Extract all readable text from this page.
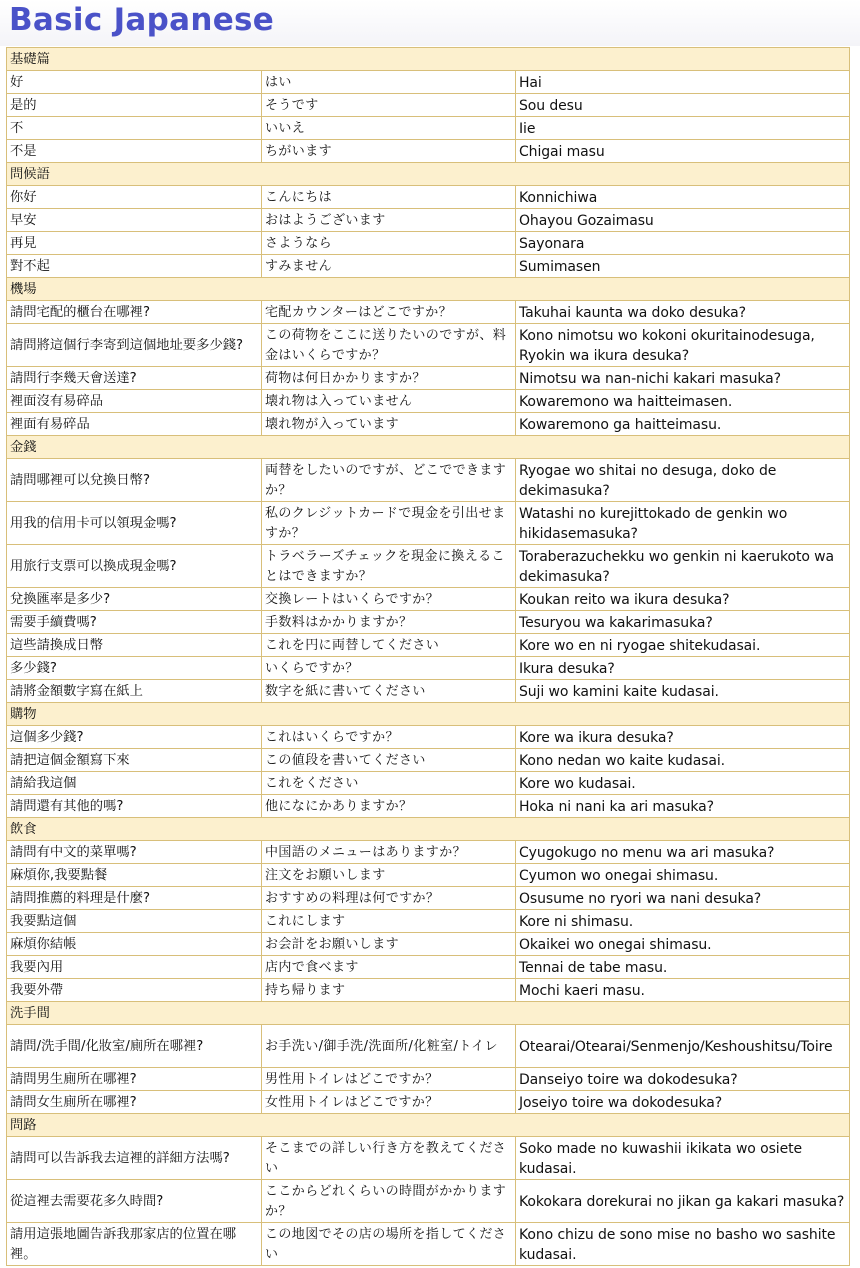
Basic Japanese
基礎篇		
好	はい	Hai
是的	そうです	Sou desu
不	いいえ	Iie
不是	ちがいます	Chigai masu
問候語		
你好	こんにちは	Konnichiwa
早安	おはようございます	Ohayou Gozaimasu
再見	さようなら	Sayonara
對不起	すみません	Sumimasen
機場		
請問宅配的櫃台在哪裡?	宅配カウンターはどこですか？	Takuhai kaunta wa doko desuka?
請問將這個行李寄到這個地址要多少錢?	この荷物をここに送りたいのですが、料金はいくらですか？	Kono nimotsu wo kokoni okuritainodesuga, Ryokin wa ikura desuka?
請問行李幾天會送達?	荷物は何日かかりますか？	Nimotsu wa nan-nichi kakari masuka?
裡面沒有易碎品	壊れ物は入っていません	Kowaremono wa haitteimasen.
裡面有易碎品	壊れ物が入っています	Kowaremono ga haitteimasu.
金錢		
請問哪裡可以兌換日幣?	両替をしたいのですが、どこでできますか？	Ryogae wo shitai no desuga, doko de dekimasuka?
用我的信用卡可以領現金嗎?	私のクレジットカードで現金を引出せますか？	Watashi no kurejittokado de genkin wo hikidasemasuka?
用旅行支票可以換成現金嗎?	トラベラーズチェックを現金に換えることはできますか？	Toraberazuchekku wo genkin ni kaerukoto wa dekimasuka?
兌換匯率是多少?	交換レートはいくらですか？	Koukan reito wa ikura desuka?
需要手續費嗎?	手数料はかかりますか？	Tesuryou wa kakarimasuka?
這些請換成日幣	これを円に両替してください	Kore wo en ni ryogae shitekudasai.
多少錢?	いくらですか？	Ikura desuka?
請將金額數字寫在紙上	数字を紙に書いてください	Suji wo kamini kaite kudasai.
購物		
這個多少錢?	これはいくらですか？	Kore wa ikura desuka?
請把這個金額寫下來	この値段を書いてください	Kono nedan wo kaite kudasai.
請給我這個	これをください	Kore wo kudasai.
請問還有其他的嗎?	他になにかありますか？	Hoka ni nani ka ari masuka?
飲食		
請問有中文的菜單嗎?	中国語のメニューはありますか？	Cyugokugo no menu wa ari masuka?
麻煩你,我要點餐	注文をお願いします	Cyumon wo onegai shimasu.
請問推薦的料理是什麼?	おすすめの料理は何ですか？	Osusume no ryori wa nani desuka?
我要點這個	これにします	Kore ni shimasu.
麻煩你結帳	お会計をお願いします	Okaikei wo onegai shimasu.
我要內用	店内で食べます	Tennai de tabe masu.
我要外帶	持ち帰ります	Mochi kaeri masu.
洗手間		
請問/洗手間/化妝室/廁所在哪裡?	お手洗い/御手洗/洗面所/化粧室/トイレ	Otearai/Otearai/Senmenjo/Keshoushitsu/Toire
請問男生廁所在哪裡?	男性用トイレはどこですか？	Danseiyo toire wa dokodesuka?
請問女生廁所在哪裡?	女性用トイレはどこですか？	Joseiyo toire wa dokodesuka?
問路		
請問可以告訴我去這裡的詳細方法嗎?	そこまでの詳しい行き方を教えてください	Soko made no kuwashii ikikata wo osiete kudasai.
從這裡去需要花多久時間?	ここからどれくらいの時間がかかりますか？	Kokokara dorekurai no jikan ga kakari masuka?
請用這張地圖告訴我那家店的位置在哪裡。	この地図でその店の場所を指してください	Kono chizu de sono mise no basho wo sashite kudasai.
